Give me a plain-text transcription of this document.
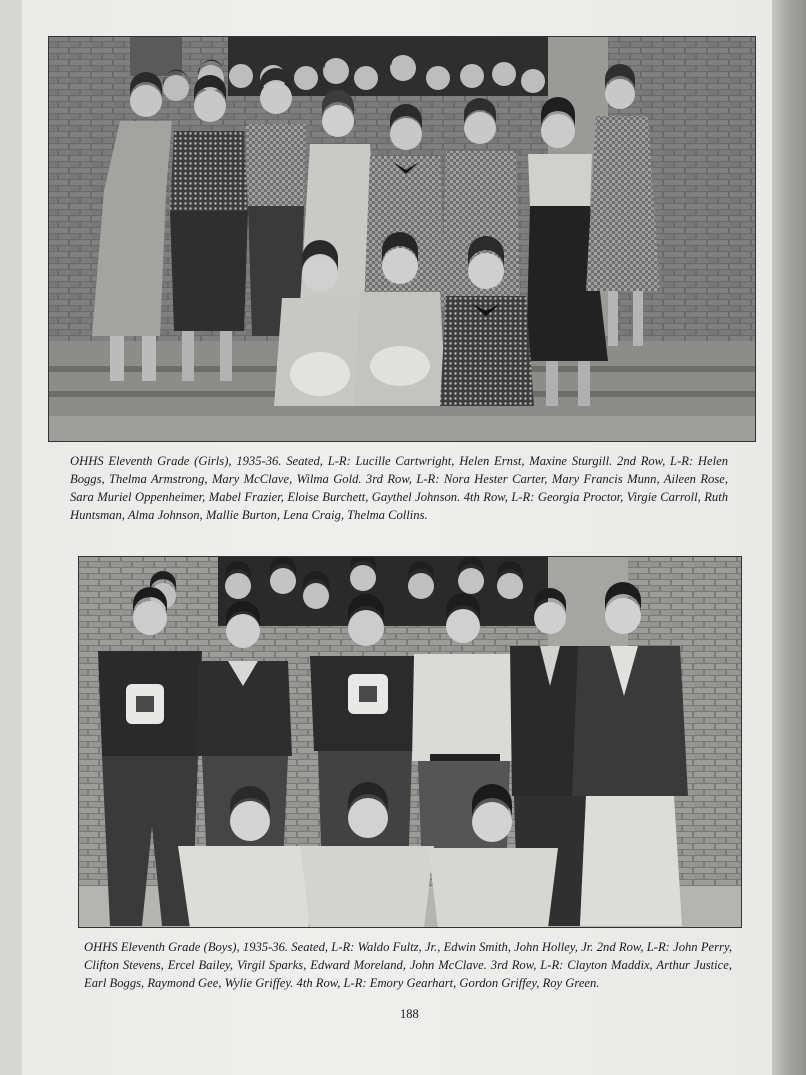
OHHS Eleventh Grade (Girls), 1935-36. Seated, L-R: Lucille Cartwright, Helen Ernst, Maxine Sturgill. 2nd Row, L-R: Helen Boggs, Thelma Armstrong, Mary McClave, Wilma Gold. 3rd Row, L-R: Nora Hester Carter, Mary Francis Munn, Aileen Rose, Sara Muriel Oppenheimer, Mabel Frazier, Eloise Burchett, Gaythel Johnson. 4th Row, L-R: Georgia Proctor, Virgie Carroll, Ruth Huntsman, Alma Johnson, Mallie Burton, Lena Craig, Thelma Collins.

OHHS Eleventh Grade (Boys), 1935-36. Seated, L-R: Waldo Fultz, Jr., Edwin Smith, John Holley, Jr. 2nd Row, L-R: John Perry, Clifton Stevens, Ercel Bailey, Virgil Sparks, Edward Moreland, John McClave. 3rd Row, L-R: Clayton Maddix, Arthur Justice, Earl Boggs, Raymond Gee, Wylie Griffey. 4th Row, L-R: Emory Gearhart, Gordon Griffey, Roy Green.

188
